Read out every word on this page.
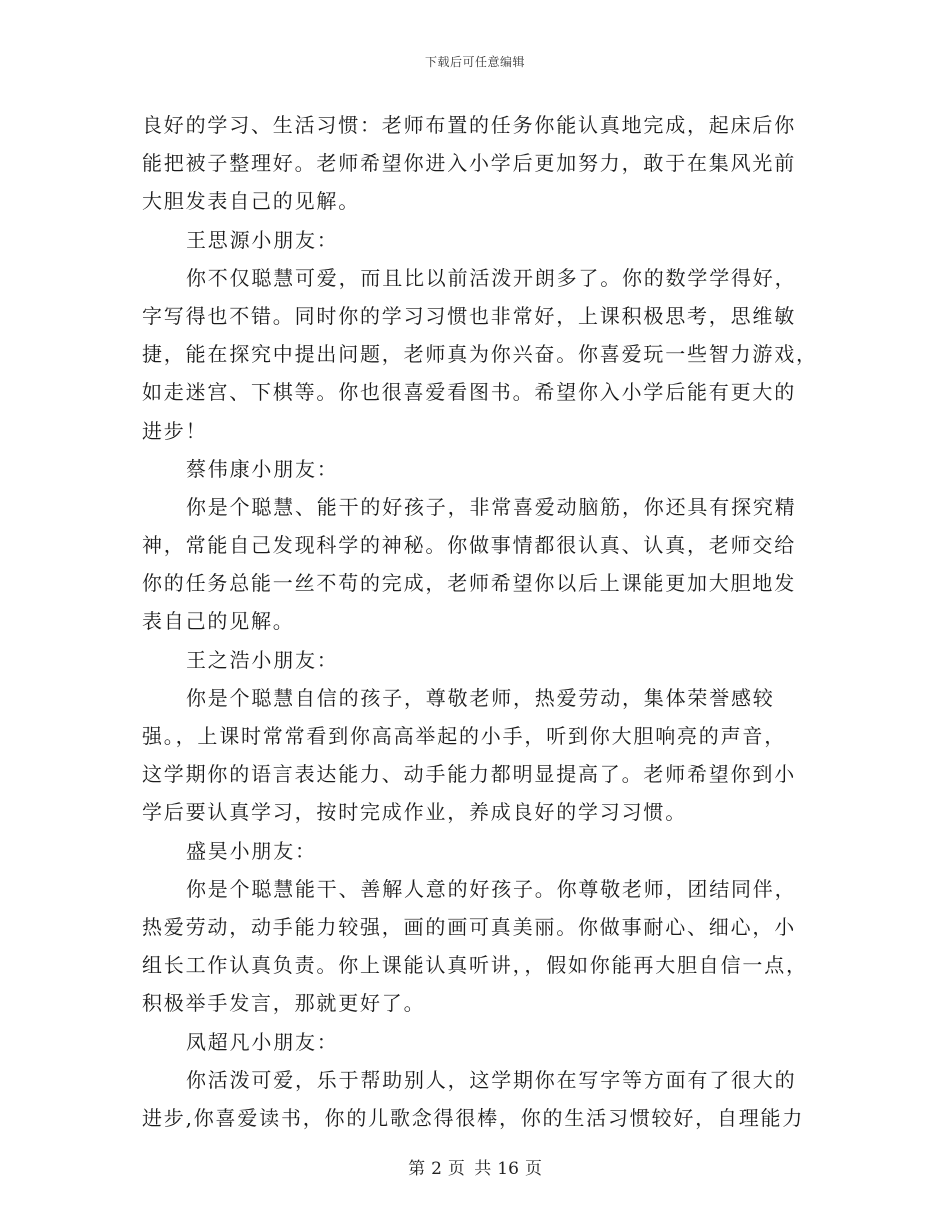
下载后可任意编辑
良好的学习、生活习惯：老师布置的任务你能认真地完成，起床后你
能把被子整理好。老师希望你进入小学后更加努力，敢于在集风光前
大胆发表自己的见解。
王思源小朋友：
你不仅聪慧可爱，而且比以前活泼开朗多了。你的数学学得好，
字写得也不错。同时你的学习习惯也非常好，上课积极思考，思维敏
捷，能在探究中提出问题，老师真为你兴奋。你喜爱玩一些智力游戏，
如走迷宫、下棋等。你也很喜爱看图书。希望你入小学后能有更大的
进步！
蔡伟康小朋友：
你是个聪慧、能干的好孩子，非常喜爱动脑筋，你还具有探究精
神，常能自己发现科学的神秘。你做事情都很认真、认真，老师交给
你的任务总能一丝不苟的完成，老师希望你以后上课能更加大胆地发
表自己的见解。
王之浩小朋友：
你是个聪慧自信的孩子，尊敬老师，热爱劳动，集体荣誉感较
强。，上课时常常看到你高高举起的小手，听到你大胆响亮的声音，
这学期你的语言表达能力、动手能力都明显提高了。老师希望你到小
学后要认真学习，按时完成作业，养成良好的学习习惯。
盛昊小朋友：
你是个聪慧能干、善解人意的好孩子。你尊敬老师，团结同伴，
热爱劳动，动手能力较强，画的画可真美丽。你做事耐心、细心，小
组长工作认真负责。你上课能认真听讲，，假如你能再大胆自信一点，
积极举手发言，那就更好了。
凤超凡小朋友：
你活泼可爱，乐于帮助别人，这学期你在写字等方面有了很大的
进步,你喜爱读书，你的儿歌念得很棒，你的生活习惯较好，自理能力
第 2 页 共 16 页
